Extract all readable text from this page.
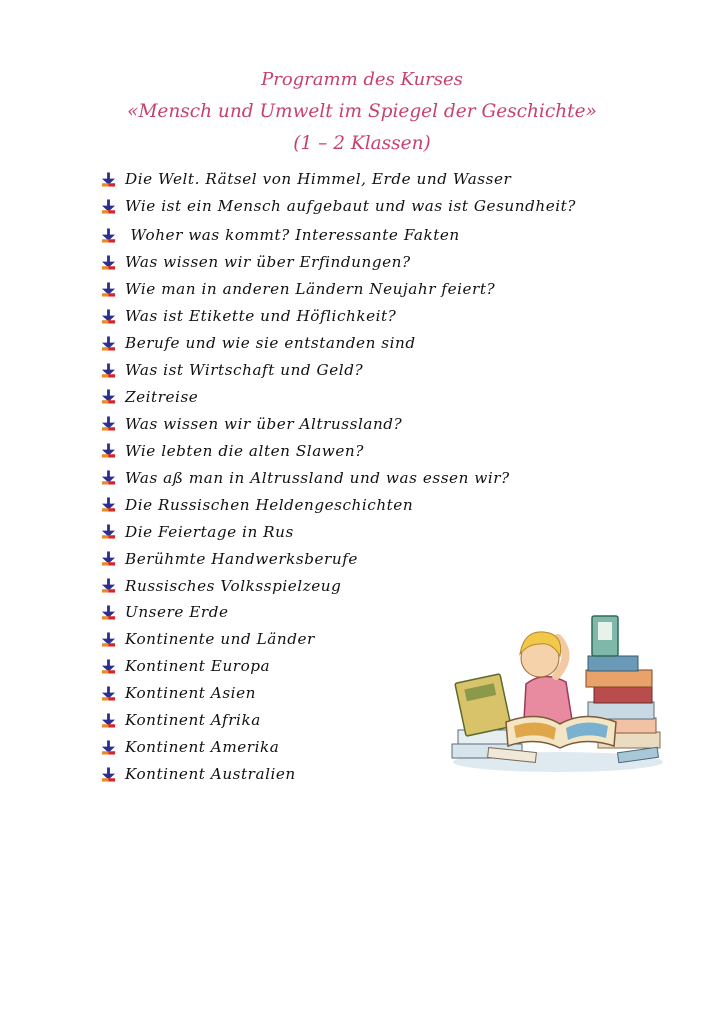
Programm des Kurses
«Mensch und Umwelt im Spiegel der Geschichte»
(1 – 2 Klassen)
Die Welt. Rätsel von Himmel, Erde und Wasser
Wie ist ein Mensch aufgebaut und was ist Gesundheit?
Woher was kommt? Interessante Fakten
Was wissen wir über Erfindungen?
Wie man in anderen Ländern Neujahr feiert?
Was ist Etikette und Höflichkeit?
Berufe und wie sie entstanden sind
Was ist Wirtschaft und Geld?
Zeitreise
Was wissen wir über Altrussland?
Wie lebten die alten Slawen?
Was aß man in Altrussland und was essen wir?
Die Russischen Heldengeschichten
Die Feiertage in Rus
Berühmte Handwerksberufe
Russisches Volksspielzeug
Unsere Erde
Kontinente und Länder
Kontinent Europa
Kontinent Asien
Kontinent Afrika
Kontinent Amerika
Kontinent Australien
